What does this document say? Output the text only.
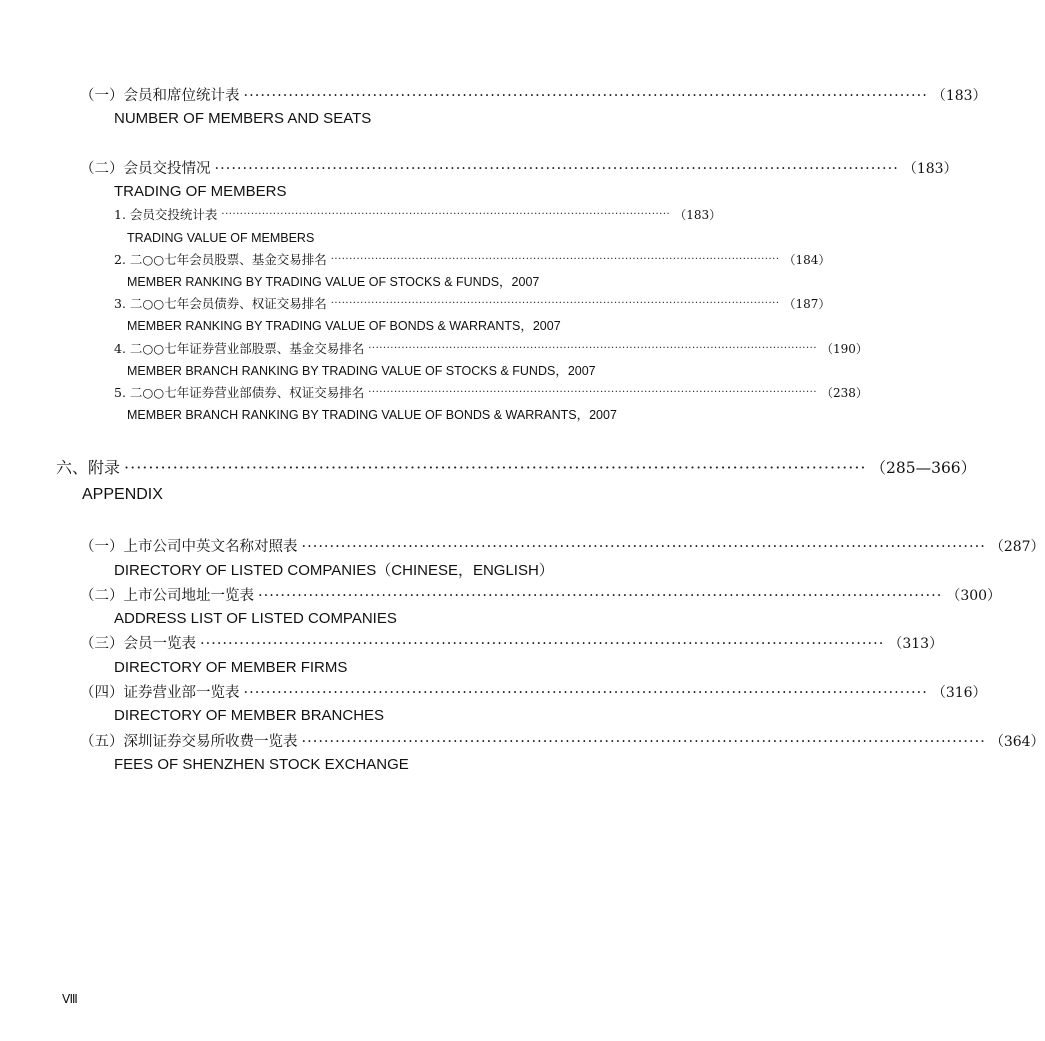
（一）会员和席位统计表 ·························································································································· （183）
NUMBER OF MEMBERS AND SEATS
（二）会员交投情况 ·························································································································· （183）
TRADING OF MEMBERS
1. 会员交投统计表 ·························································································································· （183）
TRADING VALUE OF MEMBERS
2. 二○○七年会员股票、基金交易排名 ·························································································································· （184）
MEMBER RANKING BY TRADING VALUE OF STOCKS & FUNDS，2007
3. 二○○七年会员债券、权证交易排名 ·························································································································· （187）
MEMBER RANKING BY TRADING VALUE OF BONDS & WARRANTS，2007
4. 二○○七年证券营业部股票、基金交易排名 ·························································································································· （190）
MEMBER BRANCH RANKING BY TRADING VALUE OF STOCKS & FUNDS，2007
5. 二○○七年证券营业部债券、权证交易排名 ·························································································································· （238）
MEMBER BRANCH RANKING BY TRADING VALUE OF BONDS & WARRANTS，2007
六、附录 ·························································································································· （285—366）
APPENDIX
（一）上市公司中英文名称对照表 ·························································································································· （287）
DIRECTORY OF LISTED COMPANIES（CHINESE，ENGLISH）
（二）上市公司地址一览表 ·························································································································· （300）
ADDRESS LIST OF LISTED COMPANIES
（三）会员一览表 ·························································································································· （313）
DIRECTORY OF MEMBER FIRMS
（四）证券营业部一览表 ·························································································································· （316）
DIRECTORY OF MEMBER BRANCHES
（五）深圳证券交易所收费一览表 ·························································································································· （364）
FEES OF SHENZHEN STOCK EXCHANGE
Ⅷ
